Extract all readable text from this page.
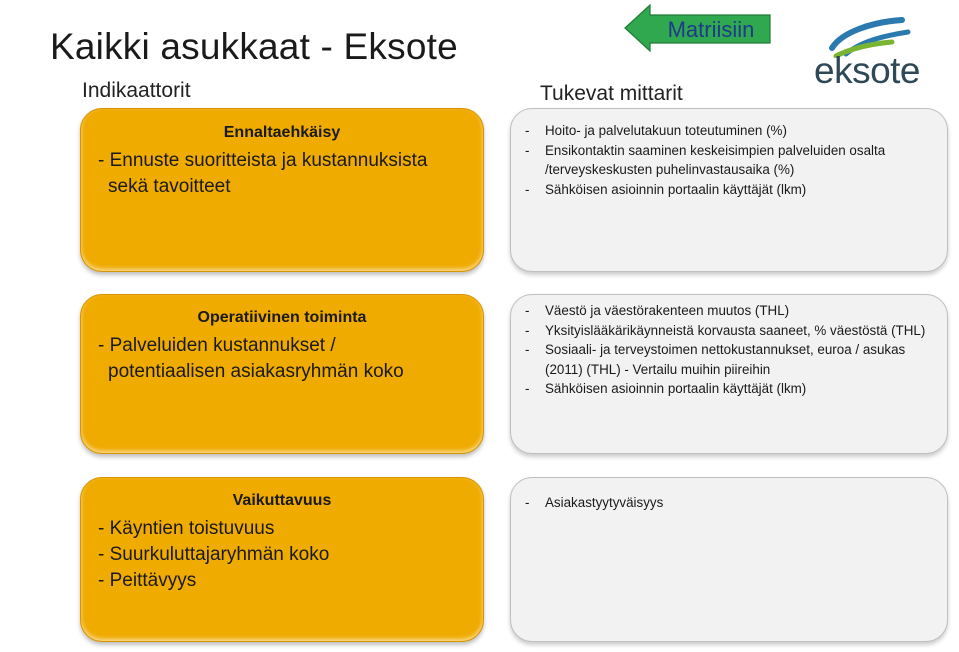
Kaikki asukkaat - Eksote
Indikaattorit	Tukevat mittarit
Matriisiin
eksote

Ennaltaehkäisy

- Ennuste suoritteista ja kustannuksista

sekä tavoitteet

Operatiivinen toiminta

- Palveluiden kustannukset /

potentiaalisen asiakasryhmän koko

Vaikuttavuus

- Käyntien toistuvuus

- Suurkuluttajaryhmän koko

- Peittävyys

- Hoito- ja palvelutakuun toteutuminen (%)
- Ensikontaktin saaminen keskeisimpien palveluiden osalta /terveyskeskusten puhelinvastausaika (%)
- Sähköisen asioinnin portaalin käyttäjät (lkm)
- Väestö ja väestörakenteen muutos (THL)
- Yksityislääkärikäynneistä korvausta saaneet, % väestöstä (THL)
- Sosiaali- ja terveystoimen nettokustannukset, euroa / asukas (2011) (THL) - Vertailu muihin piireihin
- Sähköisen asioinnin portaalin käyttäjät (lkm)
- Asiakastyytyväisyys
